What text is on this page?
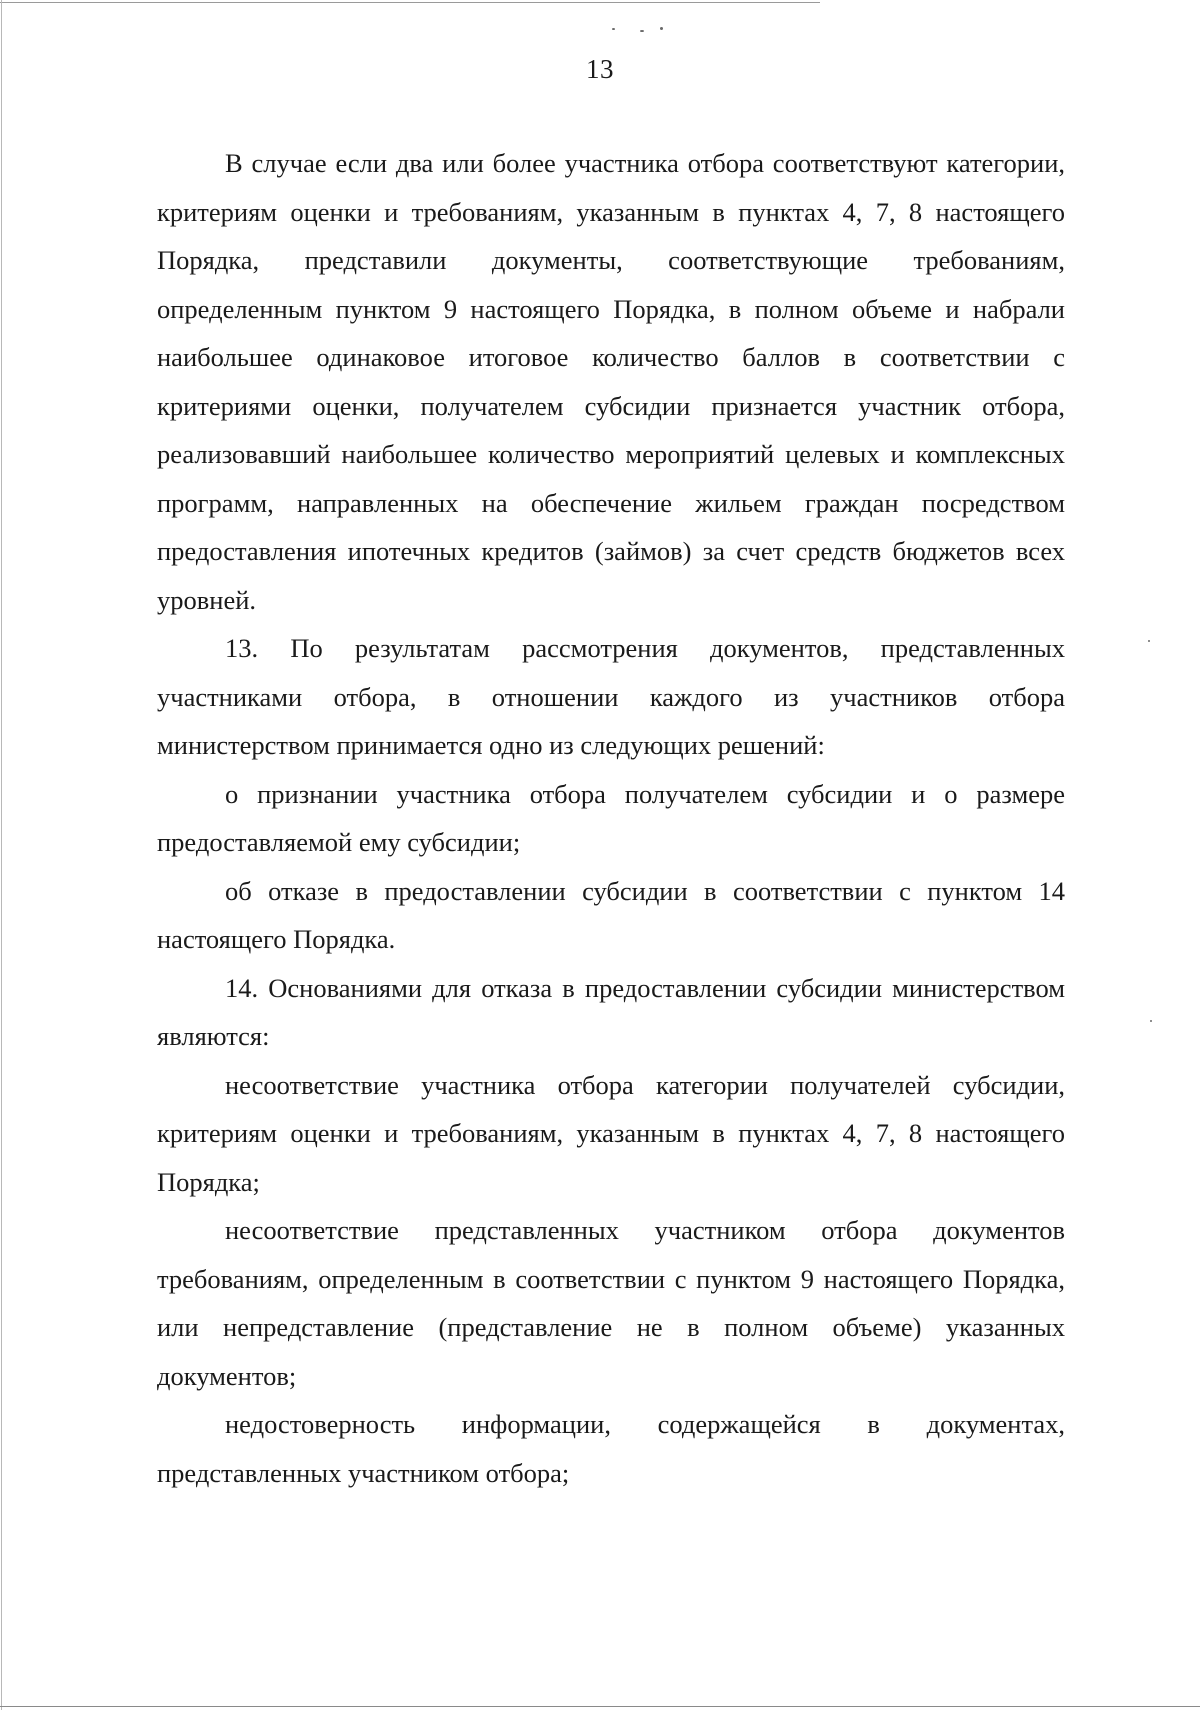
13

В случае если два или более участника отбора соответствуют категории, критериям оценки и требованиям, указанным в пунктах 4, 7, 8 настоящего Порядка, представили документы, соответствующие требованиям, определенным пунктом 9 настоящего Порядка, в полном объеме и набрали наибольшее одинаковое итоговое количество баллов в соответствии с критериями оценки, получателем субсидии признается участник отбора, реализовавший наибольшее количество мероприятий целевых и комплексных программ, направленных на обеспечение жильем граждан посредством предоставления ипотечных кредитов (займов) за счет средств бюджетов всех уровней.

13. По результатам рассмотрения документов, представленных участниками отбора, в отношении каждого из участников отбора министерством принимается одно из следующих решений:

о признании участника отбора получателем субсидии и о размере предоставляемой ему субсидии;

об отказе в предоставлении субсидии в соответствии с пунктом 14 настоящего Порядка.

14. Основаниями для отказа в предоставлении субсидии министерством являются:

несоответствие участника отбора категории получателей субсидии, критериям оценки и требованиям, указанным в пунктах 4, 7, 8 настоящего Порядка;

несоответствие представленных участником отбора документов требованиям, определенным в соответствии с пунктом 9 настоящего Порядка, или непредставление (представление не в полном объеме) указанных документов;

недостоверность информации, содержащейся в документах, представленных участником отбора;
